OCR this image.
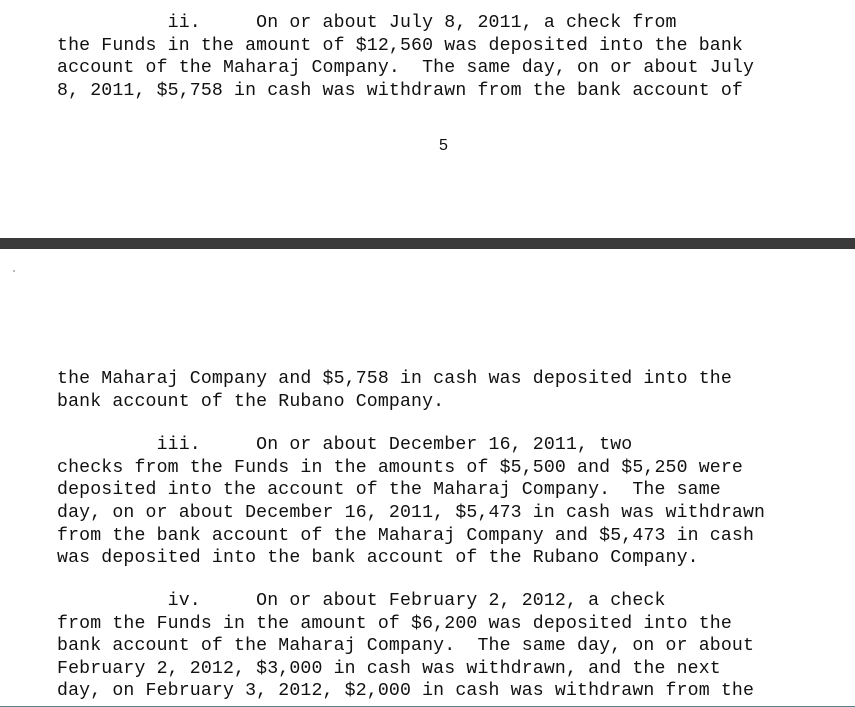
ii.     On or about July 8, 2011, a check from
the Funds in the amount of $12,560 was deposited into the bank
account of the Maharaj Company.  The same day, on or about July
8, 2011, $5,758 in cash was withdrawn from the bank account of
5
the Maharaj Company and $5,758 in cash was deposited into the
bank account of the Rubano Company.
iii.     On or about December 16, 2011, two
checks from the Funds in the amounts of $5,500 and $5,250 were
deposited into the account of the Maharaj Company.  The same
day, on or about December 16, 2011, $5,473 in cash was withdrawn
from the bank account of the Maharaj Company and $5,473 in cash
was deposited into the bank account of the Rubano Company.
iv.     On or about February 2, 2012, a check
from the Funds in the amount of $6,200 was deposited into the
bank account of the Maharaj Company.  The same day, on or about
February 2, 2012, $3,000 in cash was withdrawn, and the next
day, on February 3, 2012, $2,000 in cash was withdrawn from the
